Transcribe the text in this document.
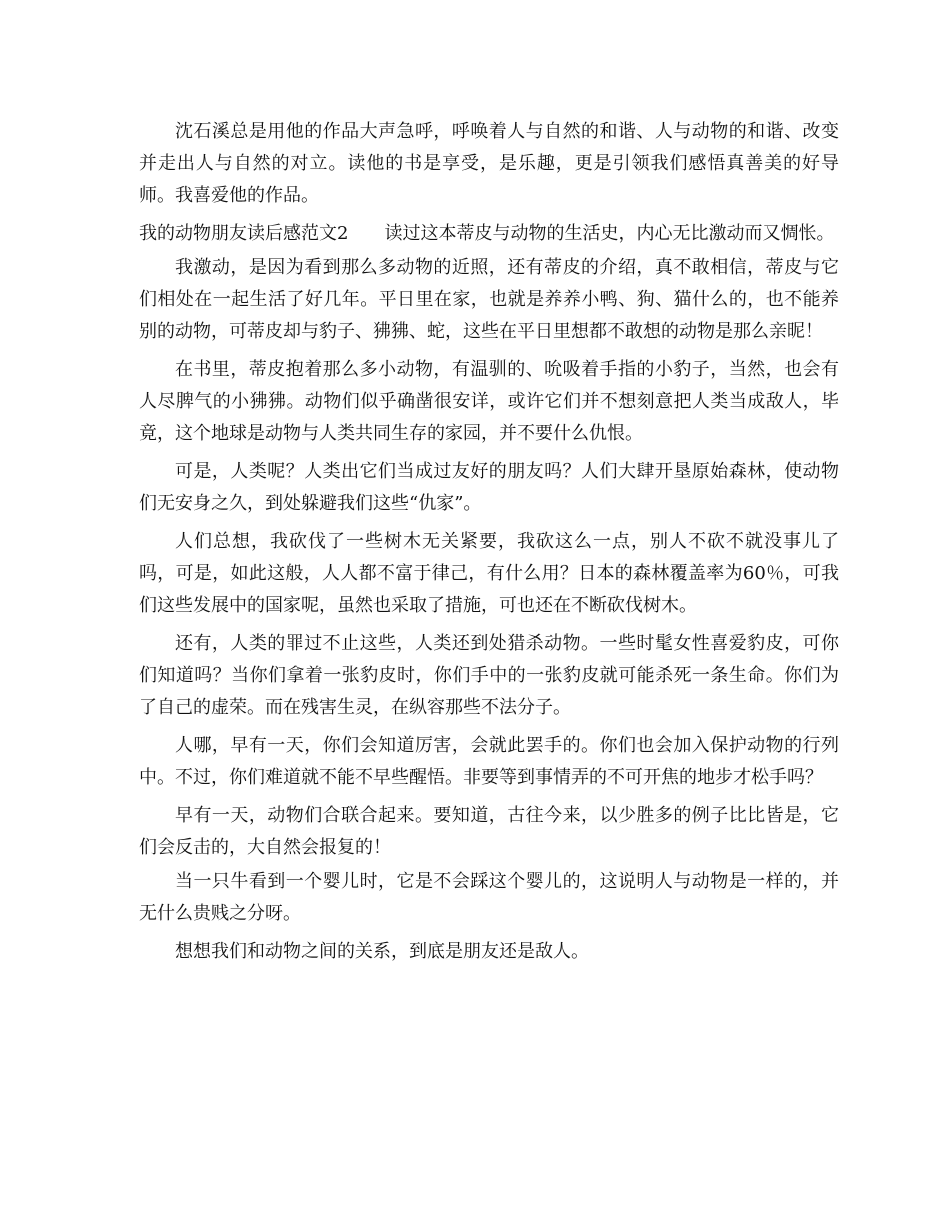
沈石溪总是用他的作品大声急呼，呼唤着人与自然的和谐、人与动物的和谐、改变并走出人与自然的对立。读他的书是享受，是乐趣，更是引领我们感悟真善美的好导师。我喜爱他的作品。

我的动物朋友读后感范文2　　读过这本蒂皮与动物的生活史，内心无比激动而又惆怅。

我激动，是因为看到那么多动物的近照，还有蒂皮的介绍，真不敢相信，蒂皮与它们相处在一起生活了好几年。平日里在家，也就是养养小鸭、狗、猫什么的，也不能养别的动物，可蒂皮却与豹子、狒狒、蛇，这些在平日里想都不敢想的动物是那么亲昵！

在书里，蒂皮抱着那么多小动物，有温驯的、吮吸着手指的小豹子，当然，也会有人尽脾气的小狒狒。动物们似乎确凿很安详，或许它们并不想刻意把人类当成敌人，毕竟，这个地球是动物与人类共同生存的家园，并不要什么仇恨。

可是，人类呢？人类出它们当成过友好的朋友吗？人们大肆开垦原始森林，使动物们无安身之久，到处躲避我们这些“仇家”。

人们总想，我砍伐了一些树木无关紧要，我砍这么一点，别人不砍不就没事儿了吗，可是，如此这般，人人都不富于律己，有什么用？日本的森林覆盖率为60％，可我们这些发展中的国家呢，虽然也采取了措施，可也还在不断砍伐树木。

还有，人类的罪过不止这些，人类还到处猎杀动物。一些时髦女性喜爱豹皮，可你们知道吗？当你们拿着一张豹皮时，你们手中的一张豹皮就可能杀死一条生命。你们为了自己的虚荣。而在残害生灵，在纵容那些不法分子。

人哪，早有一天，你们会知道厉害，会就此罢手的。你们也会加入保护动物的行列中。不过，你们难道就不能不早些醒悟。非要等到事情弄的不可开焦的地步才松手吗？

早有一天，动物们合联合起来。要知道，古往今来，以少胜多的例子比比皆是，它们会反击的，大自然会报复的！

当一只牛看到一个婴儿时，它是不会踩这个婴儿的，这说明人与动物是一样的，并无什么贵贱之分呀。

想想我们和动物之间的关系，到底是朋友还是敌人。
